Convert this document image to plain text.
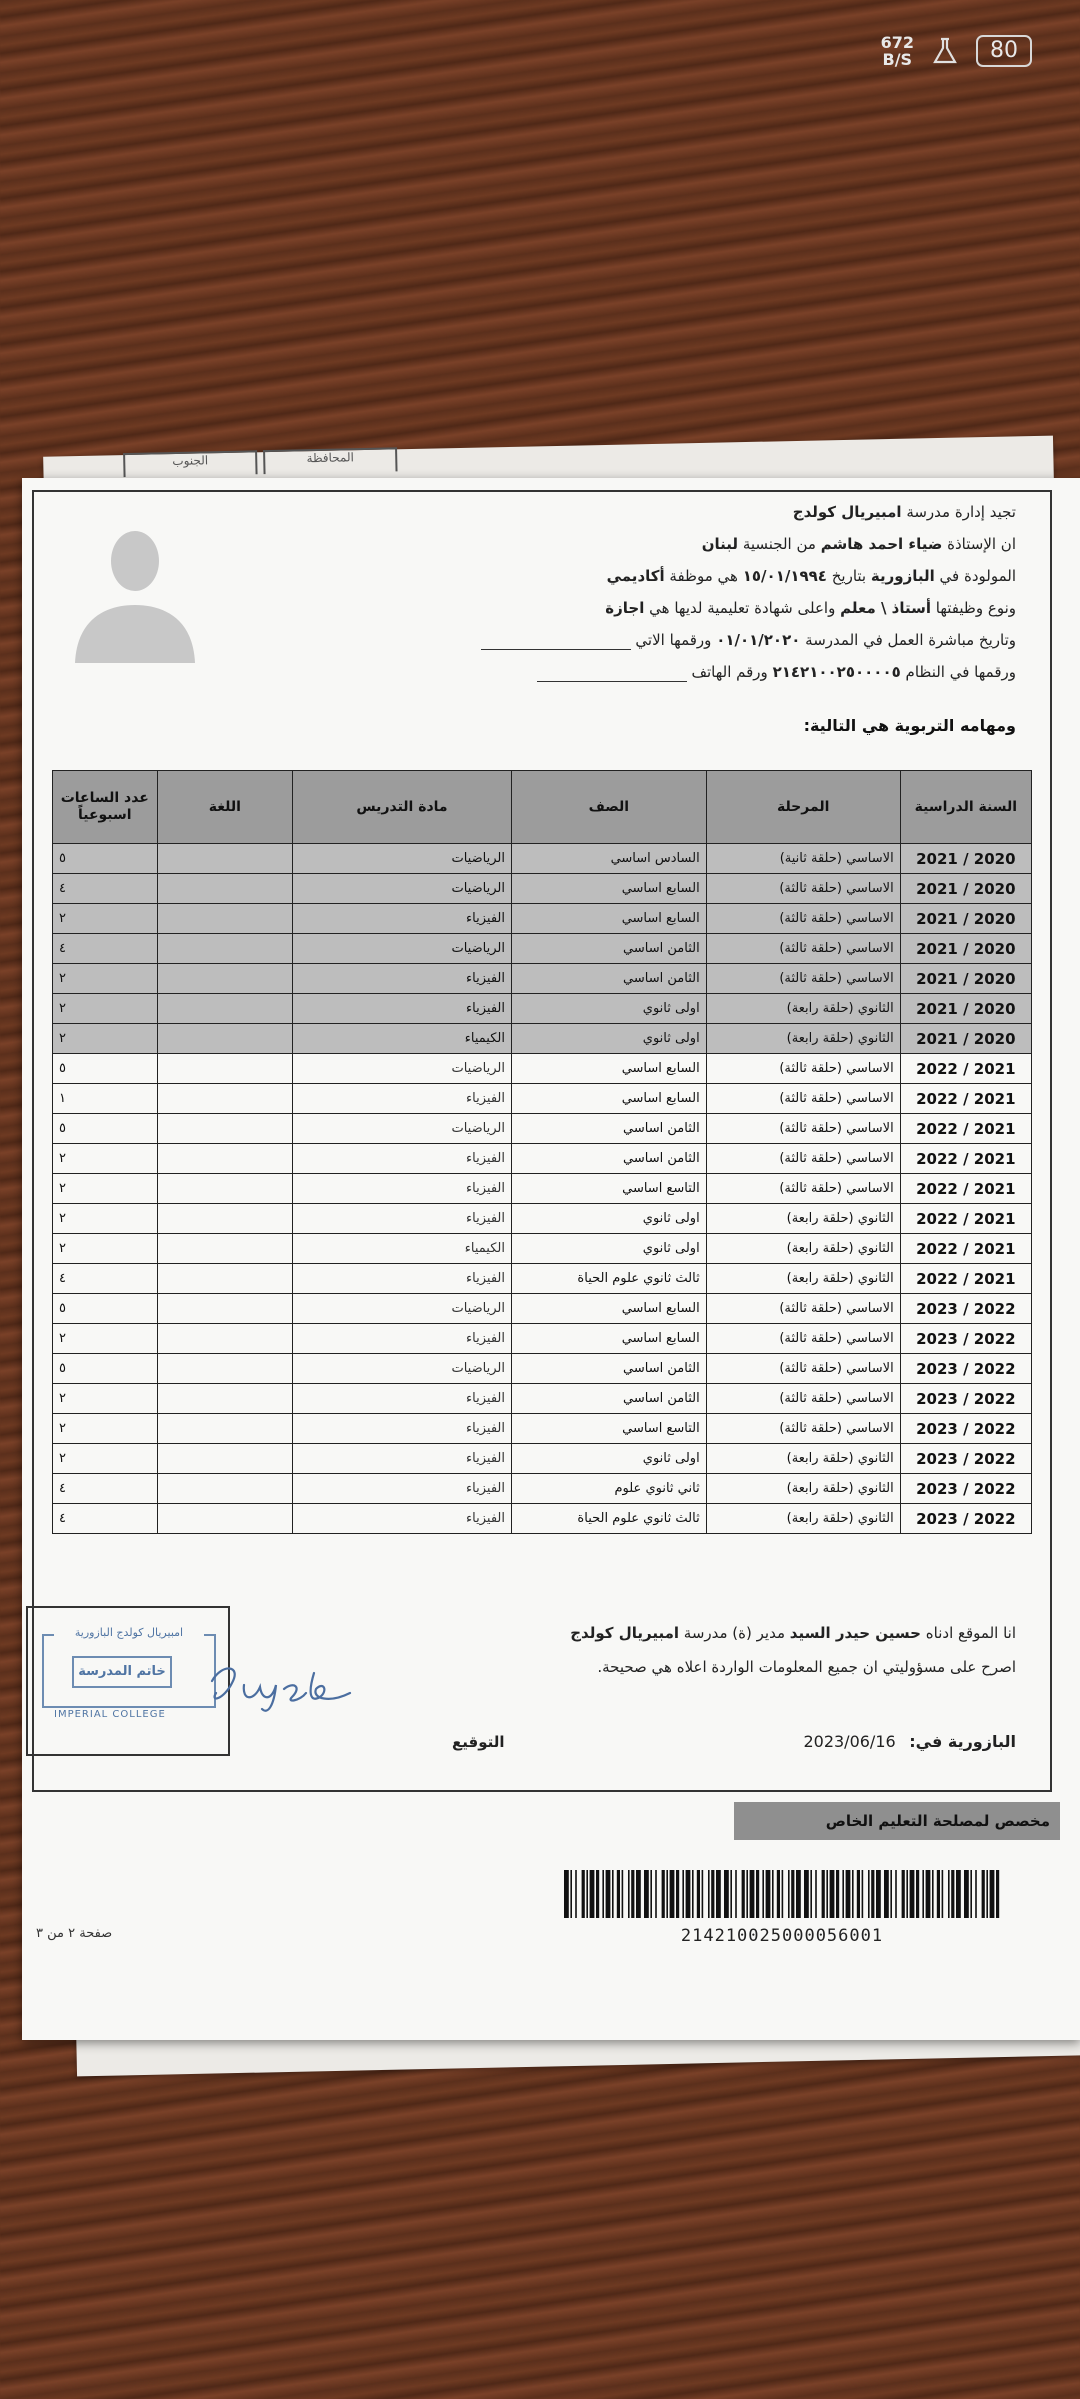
672
B/S	80
الجنوب	المحافظة
تجيد إدارة مدرسة امبيريال كولدج
ان الإستاذة ضياء احمد هاشم من الجنسية لبنان
المولودة في البازورية بتاريخ ١٥/٠١/١٩٩٤ هي موظفة أكاديمي
ونوع وظيفتها أستاذ \ معلم واعلى شهادة تعليمية لديها هي اجازة
وتاريخ مباشرة العمل في المدرسة ٠١/٠١/٢٠٢٠ ورقمها الاتي
ورقمها في النظام ٢١٤٢١٠٠٢٥٠٠٠٠٥ ورقم الهاتف
ومهامه التربوية هي التالية:
السنة الدراسية	المرحلة	الصف	مادة التدريس	اللغة	عدد الساعات اسبوعياً
2021 / 2020	الاساسي (حلقة ثانية)	السادس اساسي	الرياضيات		٥
2021 / 2020	الاساسي (حلقة ثالثة)	السابع اساسي	الرياضيات		٤
2021 / 2020	الاساسي (حلقة ثالثة)	السابع اساسي	الفيزياء		٢
2021 / 2020	الاساسي (حلقة ثالثة)	الثامن اساسي	الرياضيات		٤
2021 / 2020	الاساسي (حلقة ثالثة)	الثامن اساسي	الفيزياء		٢
2021 / 2020	الثانوي (حلقة رابعة)	اولى ثانوي	الفيزياء		٢
2021 / 2020	الثانوي (حلقة رابعة)	اولى ثانوي	الكيمياء		٢
2022 / 2021	الاساسي (حلقة ثالثة)	السابع اساسي	الرياضيات		٥
2022 / 2021	الاساسي (حلقة ثالثة)	السابع اساسي	الفيزياء		١
2022 / 2021	الاساسي (حلقة ثالثة)	الثامن اساسي	الرياضيات		٥
2022 / 2021	الاساسي (حلقة ثالثة)	الثامن اساسي	الفيزياء		٢
2022 / 2021	الاساسي (حلقة ثالثة)	التاسع اساسي	الفيزياء		٢
2022 / 2021	الثانوي (حلقة رابعة)	اولى ثانوي	الفيزياء		٢
2022 / 2021	الثانوي (حلقة رابعة)	اولى ثانوي	الكيمياء		٢
2022 / 2021	الثانوي (حلقة رابعة)	ثالث ثانوي علوم الحياة	الفيزياء		٤
2023 / 2022	الاساسي (حلقة ثالثة)	السابع اساسي	الرياضيات		٥
2023 / 2022	الاساسي (حلقة ثالثة)	السابع اساسي	الفيزياء		٢
2023 / 2022	الاساسي (حلقة ثالثة)	الثامن اساسي	الرياضيات		٥
2023 / 2022	الاساسي (حلقة ثالثة)	الثامن اساسي	الفيزياء		٢
2023 / 2022	الاساسي (حلقة ثالثة)	التاسع اساسي	الفيزياء		٢
2023 / 2022	الثانوي (حلقة رابعة)	اولى ثانوي	الفيزياء		٢
2023 / 2022	الثانوي (حلقة رابعة)	ثاني ثانوي علوم	الفيزياء		٤
2023 / 2022	الثانوي (حلقة رابعة)	ثالث ثانوي علوم الحياة	الفيزياء		٤
انا الموقع ادناه حسين حيدر السيد مدير (ة) مدرسة امبيريال كولدج
اصرح على مسؤوليتي ان جميع المعلومات الواردة اعلاه هي صحيحة.
امبيريال كولدج البازورية
خاتم المدرسة
IMPERIAL COLLEGE
التوقيع	البازورية في: 2023/06/16
مخصص لمصلحة التعليم الخاص
214210025000056001
صفحة ٢ من ٣
